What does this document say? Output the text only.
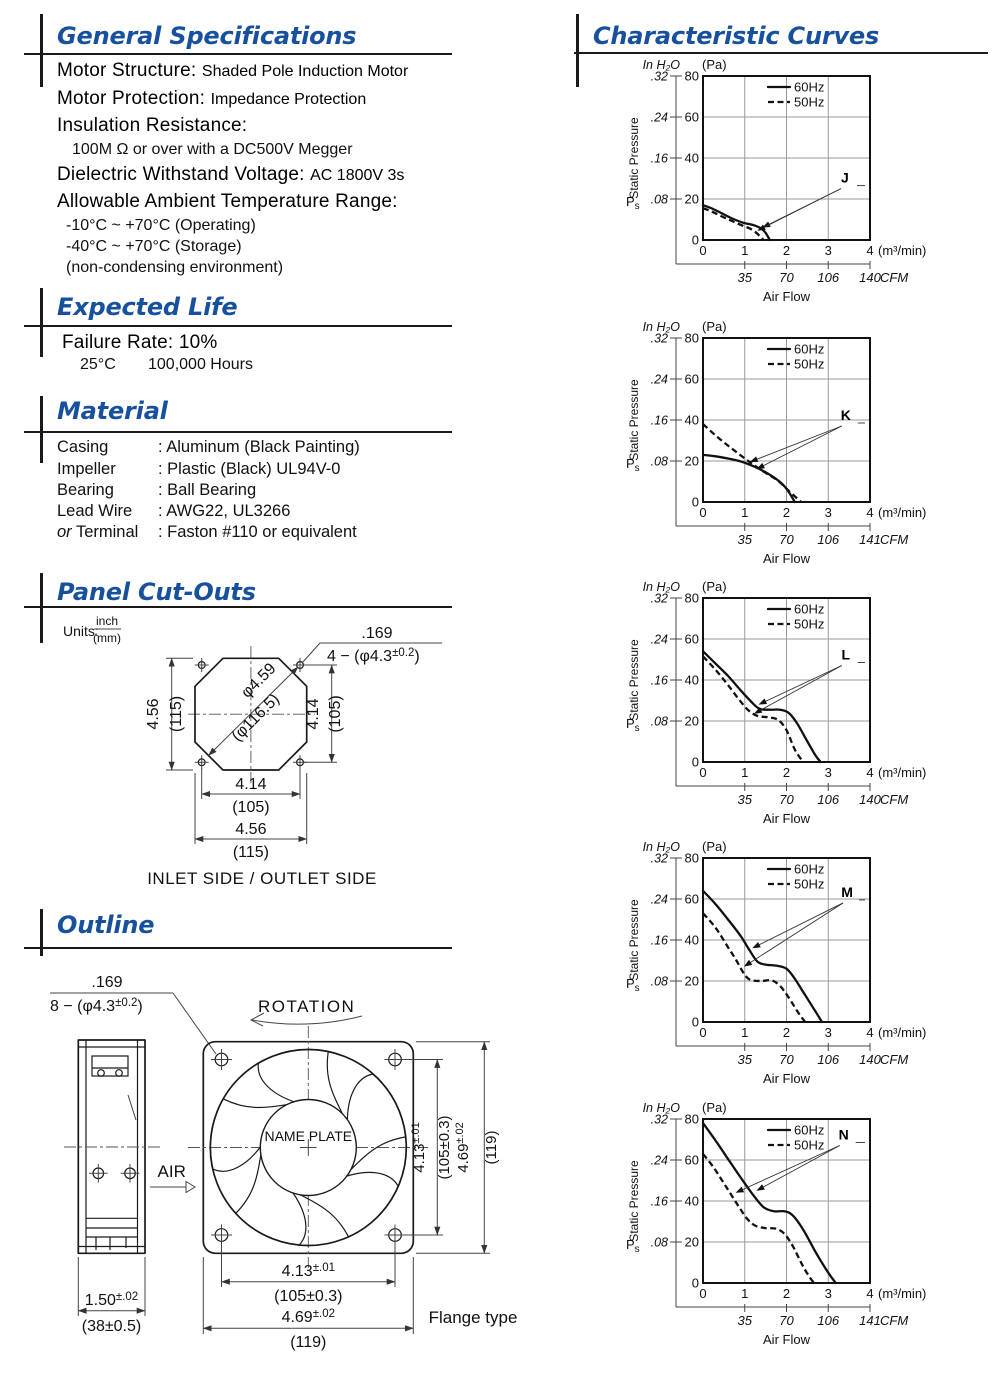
General Specifications
Motor Structure: Shaded Pole Induction Motor
Motor Protection: Impedance Protection
Insulation Resistance:
100M Ω or over with a DC500V Megger
Dielectric Withstand Voltage: AC 1800V 3s
Allowable Ambient Temperature Range:
-10°C ~ +70°C (Operating)
-40°C ~ +70°C (Storage)
(non-condensing environment)
Expected Life
Failure Rate: 10%
25°C 100,000 Hours
Material
Casing	: Aluminum (Black Painting)
Impeller	: Plastic (Black) UL94V-0
Bearing	: Ball Bearing
Lead Wire : AWG22, UL3266
or Terminal : Faston #110 or equivalent
Panel Cut-Outs
Units:
inch
(mm)
φ4.59
(φ116.5)
4.56 (115)	4.14 (105)
4.14
(105)
4.56
(115)
.169
$4 - (\varphi 4.3^{\pm 0.2})$
INLET SIDE / OUTLET SIDE
Outline
.169
$8 - (\varphi 4.3^{\pm 0.2})$	ROTATION
AIR
NAME PLATE
$4.13^{\pm.01}$ (105±0.3) $4.69^{\pm.02}$	(119)
$4.13^{\pm.01}$
(105±0.3)
$4.69^{\pm.02}$
(119)
$1.50^{\pm.02}$
(38±0.5)	Flange type
Characteristic Curves
In H₂O (Pa)
.32
.24
.16
.08
80
60
40
20
0
Static Pressure
$P_s$
60Hz
50Hz
0	1	2	3	4 (m³/min)
35 70 106 140 CFM
Air Flow
J
In H₂O (Pa)
.32
.24
.16
.08
80
60
40
20
0
Static Pressure
$P_s$
60Hz
50Hz
0	1	2	3	4 (m³/min)
35 70 106 141 CFM
Air Flow
K
In H₂O (Pa)
.32
.24
.16
.08
80
60
40
20
0
Static Pressure
$P_s$
60Hz
50Hz
0	1	2	3	4 (m³/min)
35 70 106 140 CFM
Air Flow
L
In H₂O (Pa)
.32
.24
.16
.08
80
60
40
20
0
Static Pressure
$P_s$
60Hz
50Hz
0	1	2	3	4 (m³/min)
35 70 106 140 CFM
Air Flow
M
In H₂O (Pa)
.32
.24
.16
.08
80
60
40
20
0
Static Pressure
$P_s$
60Hz
50Hz
0	1	2	3	4 (m³/min)
35 70 106 141 CFM
Air Flow
N
